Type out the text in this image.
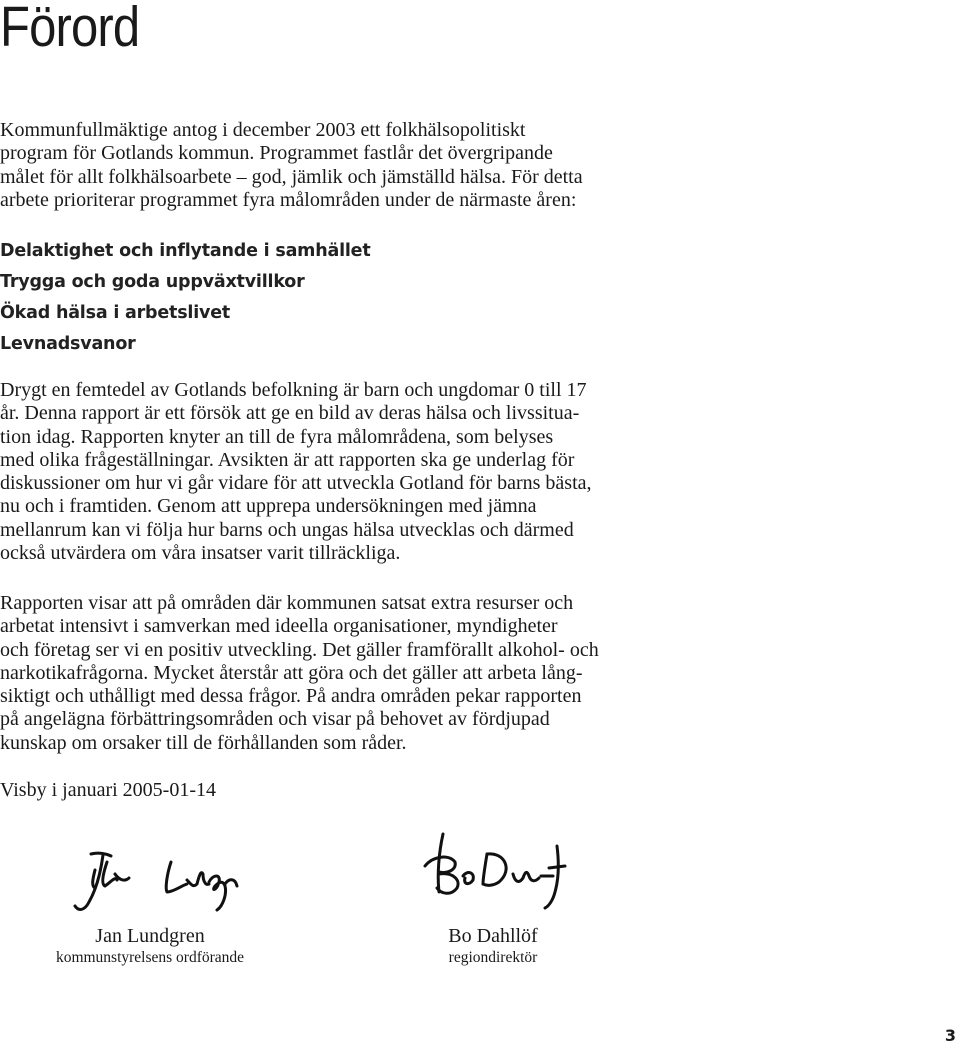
Förord

Kommunfullmäktige antog i december 2003 ett folkhälsopolitiskt
program för Gotlands kommun. Programmet fastlår det övergripande
målet för allt folkhälsoarbete – god, jämlik och jämställd hälsa. För detta
arbete prioriterar programmet fyra målområden under de närmaste åren:

Delaktighet och inflytande i samhället
Trygga och goda uppväxtvillkor
Ökad hälsa i arbetslivet
Levnadsvanor

Drygt en femtedel av Gotlands befolkning är barn och ungdomar 0 till 17
år. Denna rapport är ett försök att ge en bild av deras hälsa och livssitua-
tion idag. Rapporten knyter an till de fyra målområdena, som belyses
med olika frågeställningar. Avsikten är att rapporten ska ge underlag för
diskussioner om hur vi går vidare för att utveckla Gotland för barns bästa,
nu och i framtiden. Genom att upprepa undersökningen med jämna
mellanrum kan vi följa hur barns och ungas hälsa utvecklas och därmed
också utvärdera om våra insatser varit tillräckliga.

Rapporten visar att på områden där kommunen satsat extra resurser och
arbetat intensivt i samverkan med ideella organisationer, myndigheter
och företag ser vi en positiv utveckling. Det gäller framförallt alkohol- och
narkotikafrågorna. Mycket återstår att göra och det gäller att arbeta lång-
siktigt och uthålligt med dessa frågor. På andra områden pekar rapporten
på angelägna förbättringsområden och visar på behovet av fördjupad
kunskap om orsaker till de förhållanden som råder.

Visby i januari 2005-01-14

Jan Lundgren
kommunstyrelsens ordförande
Bo Dahllöf
regiondirektör
3
